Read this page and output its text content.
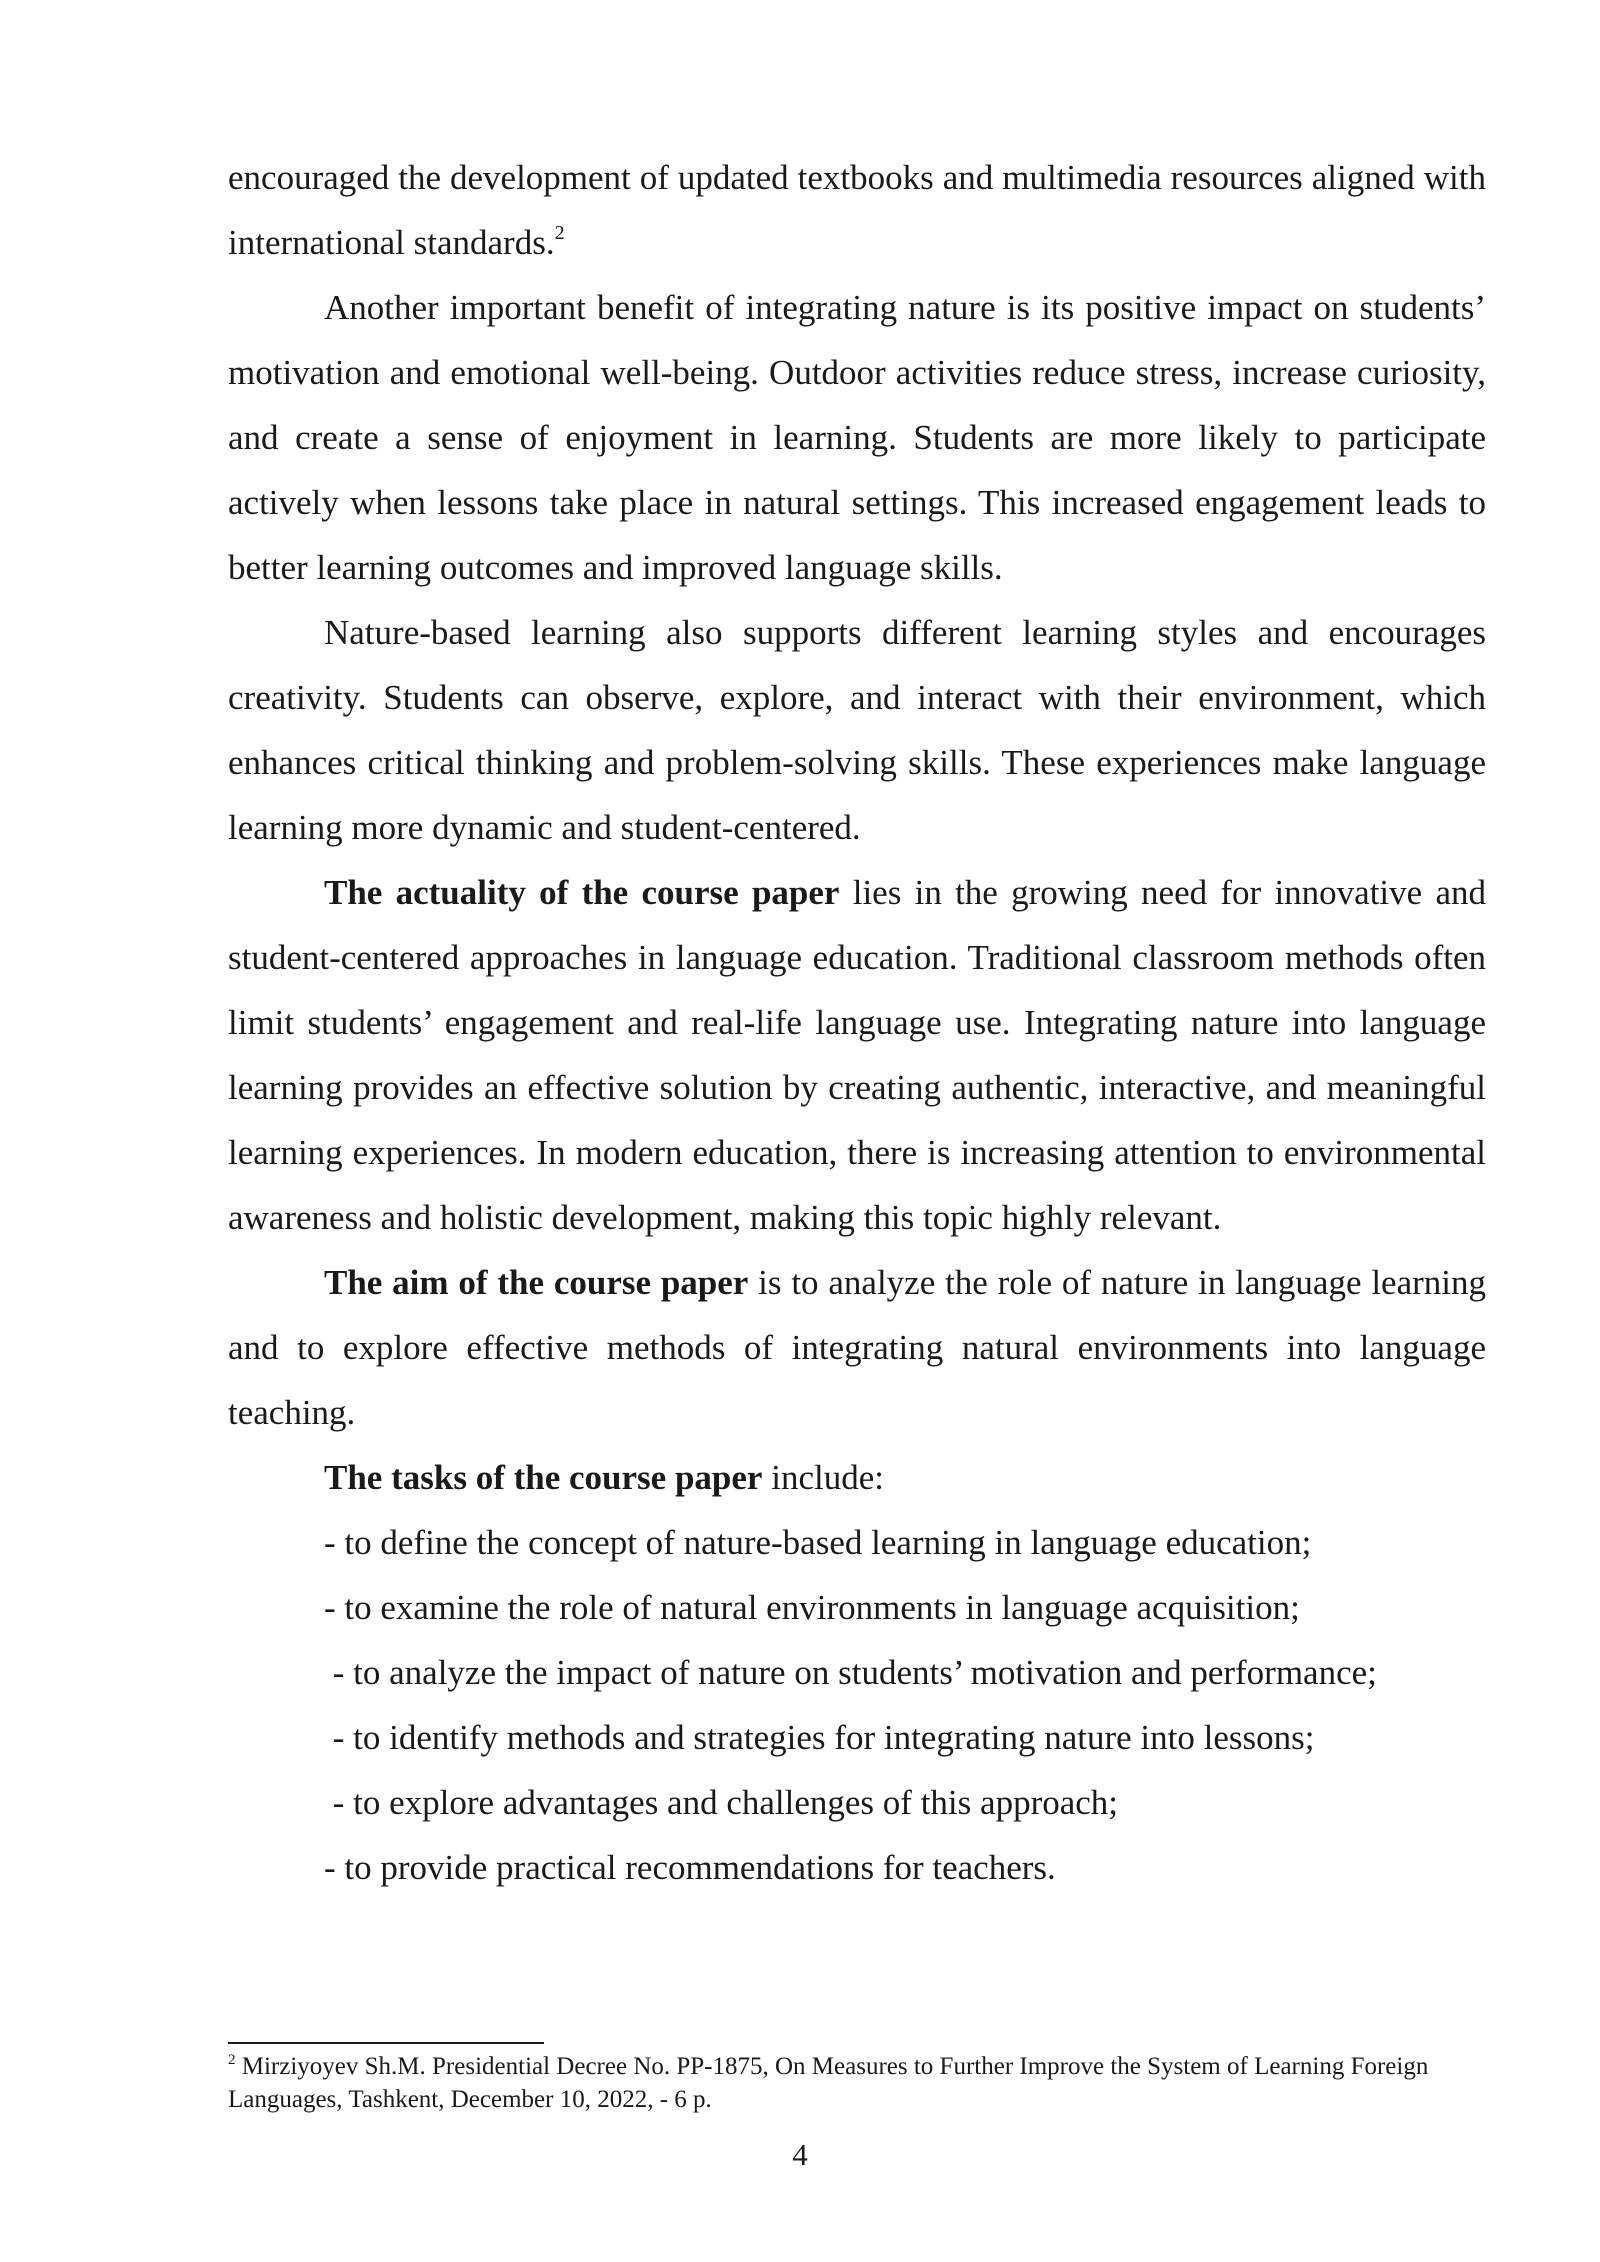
encouraged the development of updated textbooks and multimedia resources aligned with international standards.$^2$

Another important benefit of integrating nature is its positive impact on students’ motivation and emotional well-being. Outdoor activities reduce stress, increase curiosity, and create a sense of enjoyment in learning. Students are more likely to participate actively when lessons take place in natural settings. This increased engagement leads to better learning outcomes and improved language skills.

Nature-based learning also supports different learning styles and encourages creativity. Students can observe, explore, and interact with their environment, which enhances critical thinking and problem-solving skills. These experiences make language learning more dynamic and student-centered.

The actuality of the course paper lies in the growing need for innovative and student-centered approaches in language education. Traditional classroom methods often limit students’ engagement and real-life language use. Integrating nature into language learning provides an effective solution by creating authentic, interactive, and meaningful learning experiences. In modern education, there is increasing attention to environmental awareness and holistic development, making this topic highly relevant.

The aim of the course paper is to analyze the role of nature in language learning and to explore effective methods of integrating natural environments into language teaching.

The tasks of the course paper include:

- to define the concept of nature-based learning in language education;

- to examine the role of natural environments in language acquisition;

- to analyze the impact of nature on students’ motivation and performance;

- to identify methods and strategies for integrating nature into lessons;

- to explore advantages and challenges of this approach;

- to provide practical recommendations for teachers.

$^2$ Mirziyoyev Sh.M. Presidential Decree No. PP-1875, On Measures to Further Improve the System of Learning Foreign Languages, Tashkent, December 10, 2022, - 6 p.

4
